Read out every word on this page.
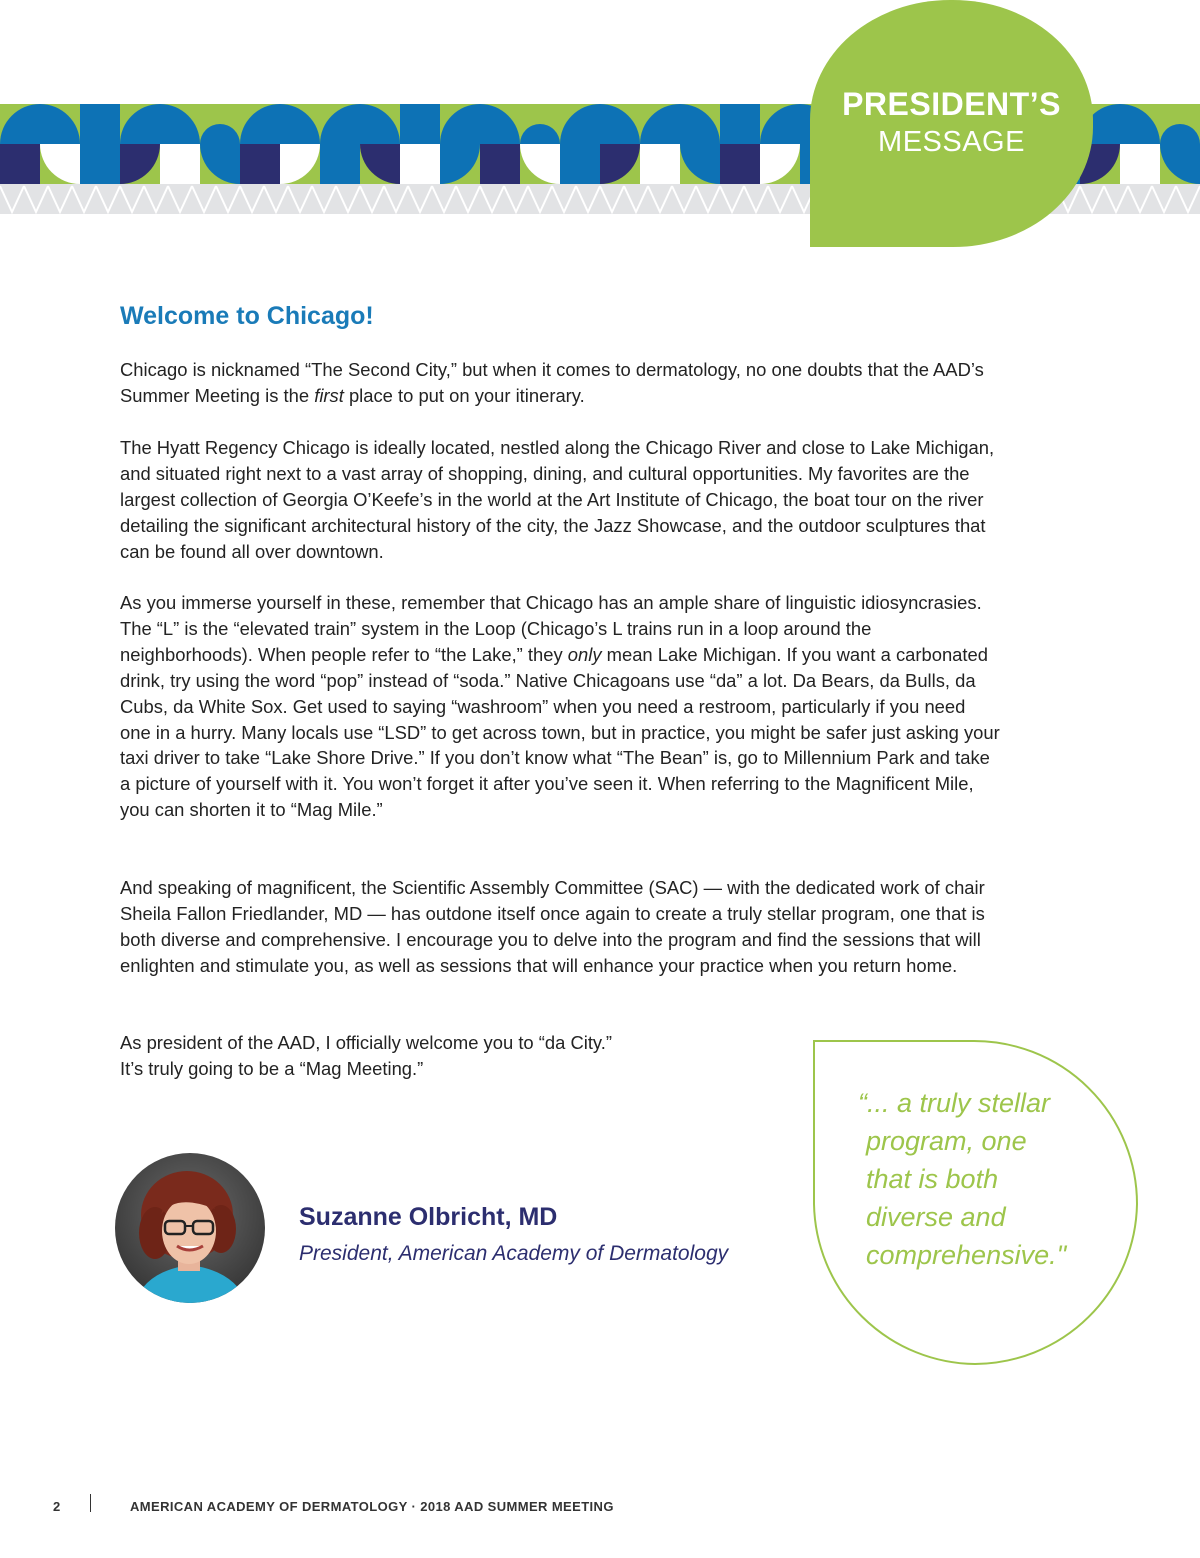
PRESIDENT’S
MESSAGE
Welcome to Chicago!

Chicago is nicknamed “The Second City,” but when it comes to dermatology, no one doubts that the AAD’s Summer Meeting is the first place to put on your itinerary.

The Hyatt Regency Chicago is ideally located, nestled along the Chicago River and close to Lake Michigan, and situated right next to a vast array of shopping, dining, and cultural opportunities. My favorites are the largest collection of Georgia O’Keefe’s in the world at the Art Institute of Chicago, the boat tour on the river detailing the significant architectural history of the city, the Jazz Showcase, and the outdoor sculptures that can be found all over downtown.

As you immerse yourself in these, remember that Chicago has an ample share of linguistic idiosyncrasies. The “L” is the “elevated train” system in the Loop (Chicago’s L trains run in a loop around the neighborhoods). When people refer to “the Lake,” they only mean Lake Michigan. If you want a carbonated drink, try using the word “pop” instead of “soda.” Native Chicagoans use “da” a lot. Da Bears, da Bulls, da Cubs, da White Sox. Get used to saying “washroom” when you need a restroom, particularly if you need one in a hurry. Many locals use “LSD” to get across town, but in practice, you might be safer just asking your taxi driver to take “Lake Shore Drive.” If you don’t know what “The Bean” is, go to Millennium Park and take a picture of yourself with it. You won’t forget it after you’ve seen it. When referring to the Magnificent Mile, you can shorten it to “Mag Mile.”

And speaking of magnificent, the Scientific Assembly Committee (SAC) — with the dedicated work of chair Sheila Fallon Friedlander, MD — has outdone itself once again to create a truly stellar program, one that is both diverse and comprehensive. I encourage you to delve into the program and find the sessions that will enlighten and stimulate you, as well as sessions that will enhance your practice when you return home.

As president of the AAD, I officially welcome you to “da City.”
It’s truly going to be a “Mag Meeting.”

“... a truly stellar
program, one
that is both
diverse and
comprehensive."
Suzanne Olbricht, MD
President, American Academy of Dermatology
2	AMERICAN ACADEMY OF DERMATOLOGY · 2018 AAD SUMMER MEETING
